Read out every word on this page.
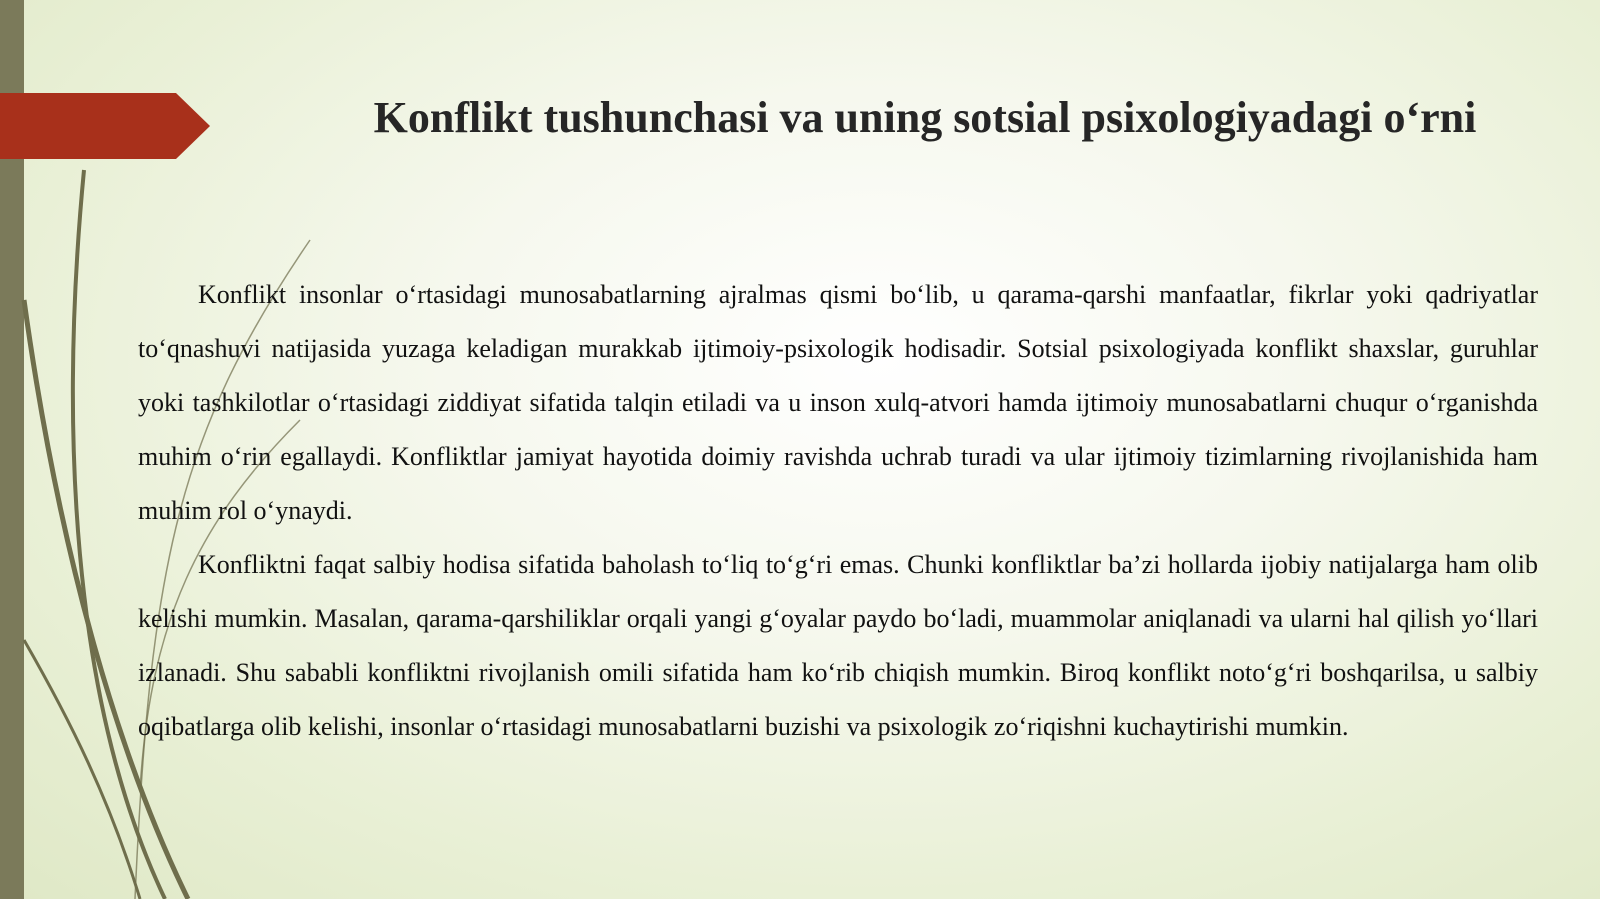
Konflikt tushunchasi va uning sotsial psixologiyadagi o‘rni

Konflikt insonlar o‘rtasidagi munosabatlarning ajralmas qismi bo‘lib, u qarama-qarshi manfaatlar, fikrlar yoki qadriyatlar to‘qnashuvi natijasida yuzaga keladigan murakkab ijtimoiy-psixologik hodisadir. Sotsial psixologiyada konflikt shaxslar, guruhlar yoki tashkilotlar o‘rtasidagi ziddiyat sifatida talqin etiladi va u inson xulq-atvori hamda ijtimoiy munosabatlarni chuqur o‘rganishda muhim o‘rin egallaydi. Konfliktlar jamiyat hayotida doimiy ravishda uchrab turadi va ular ijtimoiy tizimlarning rivojlanishida ham muhim rol o‘ynaydi.

Konfliktni faqat salbiy hodisa sifatida baholash to‘liq to‘g‘ri emas. Chunki konfliktlar ba’zi hollarda ijobiy natijalarga ham olib kelishi mumkin. Masalan, qarama-qarshiliklar orqali yangi g‘oyalar paydo bo‘ladi, muammolar aniqlanadi va ularni hal qilish yo‘llari izlanadi. Shu sababli konfliktni rivojlanish omili sifatida ham ko‘rib chiqish mumkin. Biroq konflikt noto‘g‘ri boshqarilsa, u salbiy oqibatlarga olib kelishi, insonlar o‘rtasidagi munosabatlarni buzishi va psixologik zo‘riqishni kuchaytirishi mumkin.
